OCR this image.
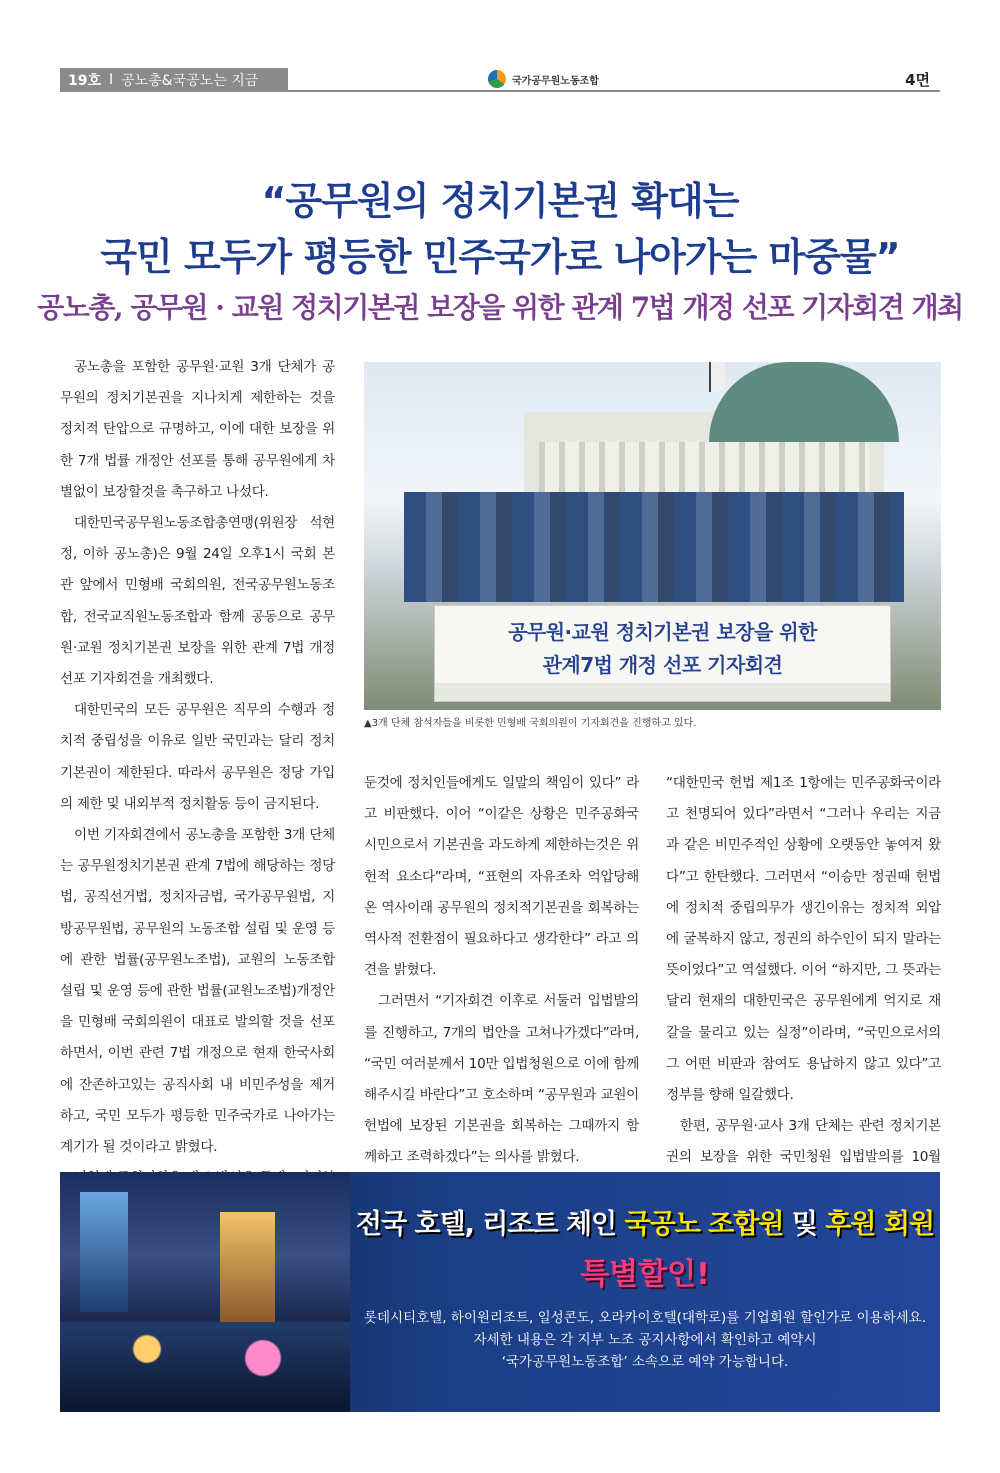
19호 I 공노총&국공노는 지금	국가공무원노동조합	4면
“공무원의 정치기본권 확대는
국민 모두가 평등한 민주국가로 나아가는 마중물”
공노총, 공무원 · 교원 정치기본권 보장을 위한 관계 7법 개정 선포 기자회견 개최

공노총을 포함한 공무원·교원 3개 단체가 공무원의 정치기본권을 지나치게 제한하는 것을 정치적 탄압으로 규명하고, 이에 대한 보장을 위한 7개 법률 개정안 선포를 통해 공무원에게 차별없이 보장할것을 촉구하고 나섰다.

대한민국공무원노동조합총연맹(위원장 석현정, 이하 공노총)은 9월 24일 오후1시 국회 본관 앞에서 민형배 국회의원, 전국공무원노동조합, 전국교직원노동조합과 함께 공동으로 공무원·교원 정치기본권 보장을 위한 관계 7법 개정 선포 기자회견을 개최했다.

대한민국의 모든 공무원은 직무의 수행과 정치적 중립성을 이유로 일반 국민과는 달리 정치기본권이 제한된다. 따라서 공무원은 정당 가입의 제한 및 내외부적 정치활동 등이 금지된다.

이번 기자회견에서 공노총을 포함한 3개 단체는 공무원정치기본권 관계 7법에 해당하는 정당법, 공직선거법, 정치자금법, 국가공무원법, 지방공무원법, 공무원의 노동조합 설립 및 운영 등에 관한 법률(공무원노조법), 교원의 노동조합 설립 및 운영 등에 관한 법률(교원노조법)개정안을 민형배 국회의원이 대표로 발의할 것을 선포하면서, 이번 관련 7법 개정으로 현재 한국사회에 잔존하고있는 공직사회 내 비민주성을 제거하고, 국민 모두가 평등한 민주국가로 나아가는 계기가 될 것이라고 밝혔다.

공무원·교원 정치기본권 보장을 위한
관계7법 개정 선포 기자회견
▲3개 단체 참석자들을 비롯한 민형배 국회의원이 기자회견을 진행하고 있다.

둔것에 정치인들에게도 일말의 책임이 있다” 라고 비판했다. 이어 “이같은 상황은 민주공화국 시민으로서 기본권을 과도하게 제한하는것은 위헌적 요소다”라며, “표현의 자유조차 억압당해온 역사이래 공무원의 정치적기본권을 회복하는 역사적 전환점이 필요하다고 생각한다” 라고 의견을 밝혔다.

그러면서 “기자회견 이후로 서둘러 입법발의를 진행하고, 7개의 법안을 고쳐나가겠다”라며, “국민 여러분께서 10만 입법청원으로 이에 함께 해주시길 바란다”고 호소하며 “공무원과 교원이 헌법에 보장된 기본권을 회복하는 그때까지 함께하고 조력하겠다”는 의사를 밝혔다.

“대한민국 헌법 제1조 1항에는 민주공화국이라고 천명되어 있다”라면서 “그러나 우리는 지금과 같은 비민주적인 상황에 오랫동안 놓여져 왔다”고 한탄했다. 그러면서 “이승만 정권때 헌법에 정치적 중립의무가 생긴이유는 정치적 외압에 굴복하지 않고, 정권의 하수인이 되지 말라는 뜻이었다”고 역설했다. 이어 “하지만, 그 뜻과는 달리 현재의 대한민국은 공무원에게 억지로 재갈을 물리고 있는 실정”이라며, “국민으로서의 그 어떤 비판과 참여도 용납하지 않고 있다”고 정부를 향해 일갈했다.

한편, 공무원·교사 3개 단체는 관련 정치기본권의 보장을 위한 국민청원 입법발의를 10월

전국 호텔, 리조트 체인 국공노 조합원 및 후원 회원
특별할인!
롯데시티호텔, 하이원리조트, 일성콘도, 오라카이호텔(대학로)를 기업회원 할인가로 이용하세요.
자세한 내용은 각 지부 노조 공지사항에서 확인하고 예약시
‘국가공무원노동조합’ 소속으로 예약 가능합니다.
